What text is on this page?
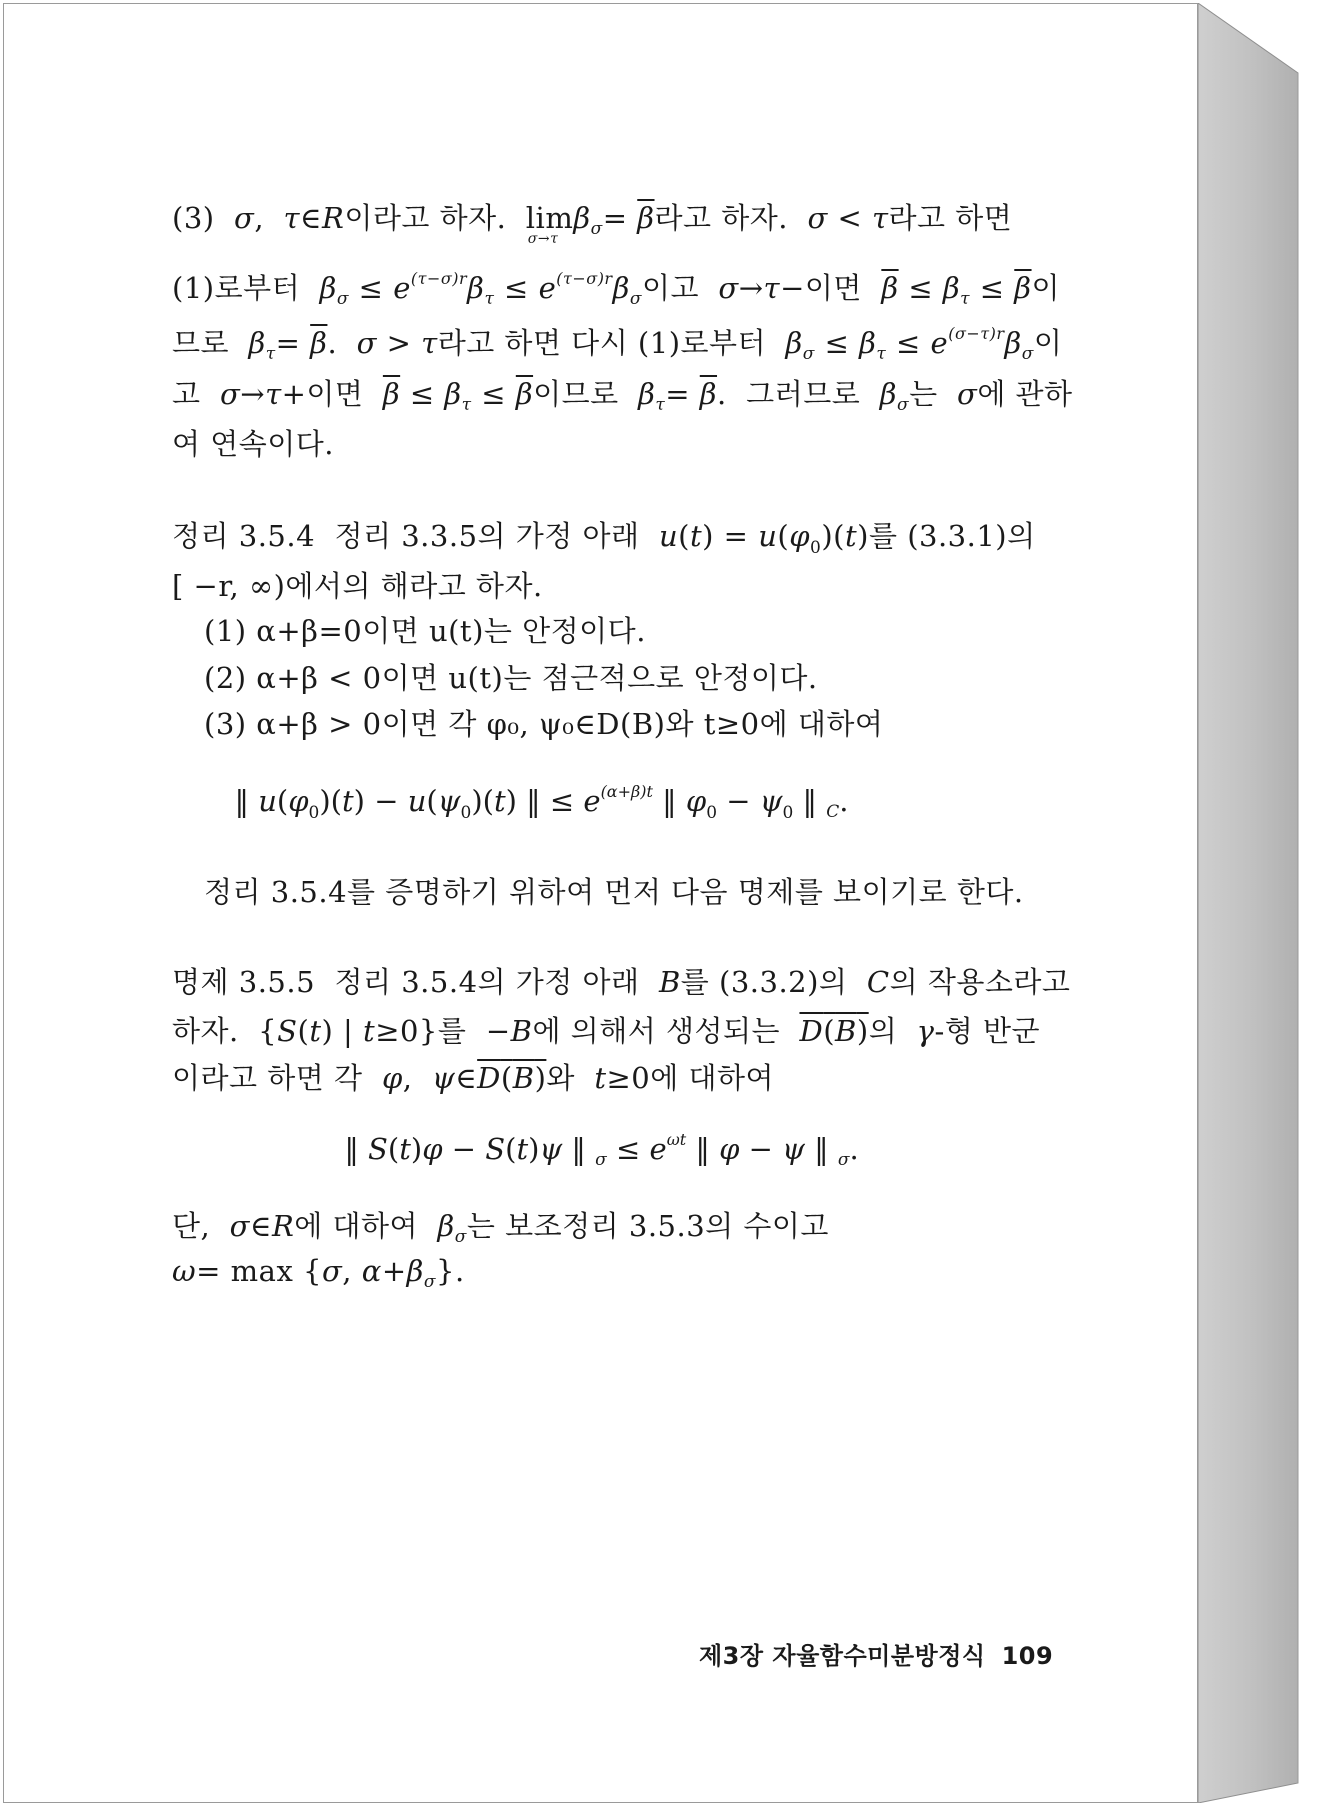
(3)  σ,  τ∈R이라고 하자.  lim
σ→τ
$\beta_\sigma= \overline{\beta}$라고 하자.  σ < τ라고 하면
(1)로부터  $\beta_\sigma \le e^{(\tau-\sigma)r}\beta_\tau \le e^{(\tau-\sigma)r}\beta_\sigma$이고  σ→τ−이면  $\overline{\beta} \le \beta_\tau \le \overline{\beta}$이
므로  $\beta_\tau= \overline{\beta}$.  σ > τ라고 하면 다시 (1)로부터  $\beta_\sigma \le \beta_\tau \le e^{(\sigma-\tau)r}\beta_\sigma$이
고  σ→τ+이면  $\overline{\beta} \le \beta_\tau \le \overline{\beta}$이므로  $\beta_\tau= \overline{\beta}$.  그러므로  $\beta_\sigma$는  σ에 관하
여 연속이다.
정리 3.5.4  정리 3.3.5의 가정 아래  $u(t) = u(\varphi_0)(t)$를 (3.3.1)의
[ −r, ∞)에서의 해라고 하자.
(1) α+β=0이면 u(t)는 안정이다.
(2) α+β < 0이면 u(t)는 점근적으로 안정이다.
(3) α+β > 0이면 각 φ₀, ψ₀∈D(B)와 t≥0에 대하여
‖ $u(\varphi_0)(t) - u(\psi_0)(t)$ ‖ ≤ $e^{(\alpha+\beta)t}$ ‖ $\varphi_0 - \psi_0$ ‖ $_C$.
정리 3.5.4를 증명하기 위하여 먼저 다음 명제를 보이기로 한다.
명제 3.5.5  정리 3.5.4의 가정 아래  B를 (3.3.2)의  C의 작용소라고
하자.  {S(t) | t≥0}를  −B에 의해서 생성되는  D(B)의  γ-형 반군
이라고 하면 각  φ,  ψ∈D(B)와  t≥0에 대하여
‖ S(t)φ − S(t)ψ ‖ $_\sigma \le e^{\omega t}$ ‖ φ − ψ ‖ $_\sigma$.
단,  σ∈R에 대하여  $\beta_\sigma$는 보조정리 3.5.3의 수이고
ω= max {σ, $\alpha+\beta_\sigma$}.
제3장 자율함수미분방정식 109
